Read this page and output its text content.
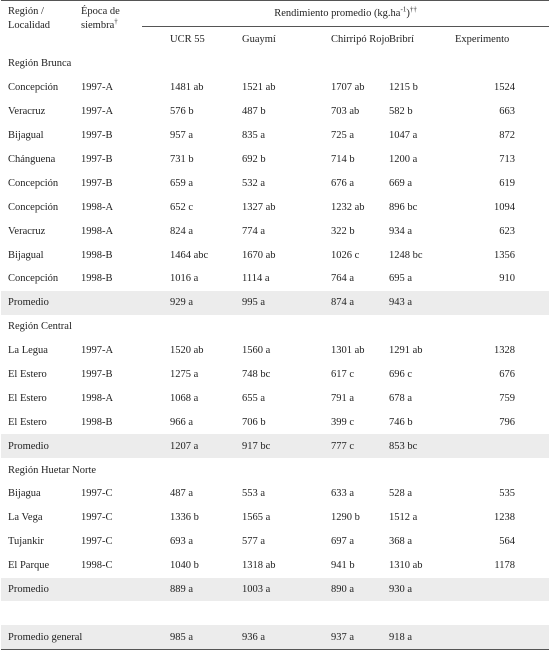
Región /
Localidad	Época de
siembra†	Rendimiento promedio $(kg.ha^{-1})^{\dagger\dagger}$
		UCR 55	Guaymí	Chirripó Rojo	Bribrí	Experimento
Región Brunca						
Concepción	1997-A	1481 ab	1521 ab	1707 ab	1215 b	1524
Veracruz	1997-A	576 b	487 b	703 ab	582 b	663
Bijagual	1997-B	957 a	835 a	725 a	1047 a	872
Chánguena	1997-B	731 b	692 b	714 b	1200 a	713
Concepción	1997-B	659 a	532 a	676 a	669 a	619
Concepción	1998-A	652 c	1327 ab	1232 ab	896 bc	1094
Veracruz	1998-A	824 a	774 a	322 b	934 a	623
Bijagual	1998-B	1464 abc	1670 ab	1026 c	1248 bc	1356
Concepción	1998-B	1016 a	1114 a	764 a	695 a	910
Promedio		929 a	995 a	874 a	943 a	
Región Central						
La Legua	1997-A	1520 ab	1560 a	1301 ab	1291 ab	1328
El Estero	1997-B	1275 a	748 bc	617 c	696 c	676
El Estero	1998-A	1068 a	655 a	791 a	678 a	759
El Estero	1998-B	966 a	706 b	399 c	746 b	796
Promedio		1207 a	917 bc	777 c	853 bc	
Región Huetar Norte						
Bijagua	1997-C	487 a	553 a	633 a	528 a	535
La Vega	1997-C	1336 b	1565 a	1290 b	1512 a	1238
Tujankir	1997-C	693 a	577 a	697 a	368 a	564
El Parque	1998-C	1040 b	1318 ab	941 b	1310 ab	1178
Promedio		889 a	1003 a	890 a	930 a	

Promedio general		985 a	936 a	937 a	918 a	
